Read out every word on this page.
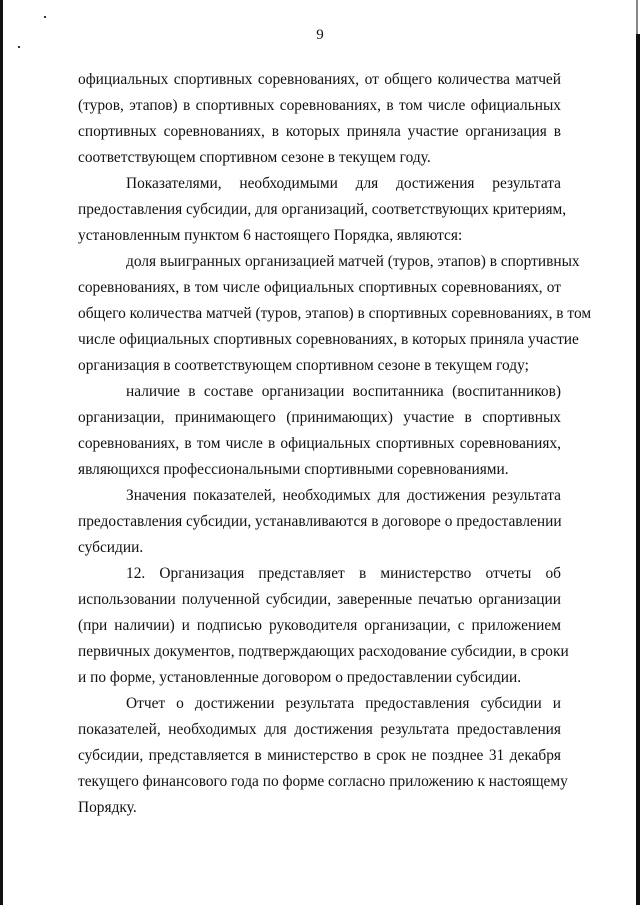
9
официальных спортивных соревнованиях, от общего количества матчей
(туров, этапов) в спортивных соревнованиях, в том числе официальных
спортивных соревнованиях, в которых приняла участие организация в
соответствующем спортивном сезоне в текущем году.
Показателями, необходимыми для достижения результата
предоставления субсидии, для организаций, соответствующих критериям,
установленным пунктом 6 настоящего Порядка, являются:
доля выигранных организацией матчей (туров, этапов) в спортивных
соревнованиях, в том числе официальных спортивных соревнованиях, от
общего количества матчей (туров, этапов) в спортивных соревнованиях, в том
числе официальных спортивных соревнованиях, в которых приняла участие
организация в соответствующем спортивном сезоне в текущем году;
наличие в составе организации воспитанника (воспитанников)
организации, принимающего (принимающих) участие в спортивных
соревнованиях, в том числе в официальных спортивных соревнованиях,
являющихся профессиональными спортивными соревнованиями.
Значения показателей, необходимых для достижения результата
предоставления субсидии, устанавливаются в договоре о предоставлении
субсидии.
12. Организация представляет в министерство отчеты об
использовании полученной субсидии, заверенные печатью организации
(при наличии) и подписью руководителя организации, с приложением
первичных документов, подтверждающих расходование субсидии, в сроки
и по форме, установленные договором о предоставлении субсидии.
Отчет о достижении результата предоставления субсидии и
показателей, необходимых для достижения результата предоставления
субсидии, представляется в министерство в срок не позднее 31 декабря
текущего финансового года по форме согласно приложению к настоящему
Порядку.
